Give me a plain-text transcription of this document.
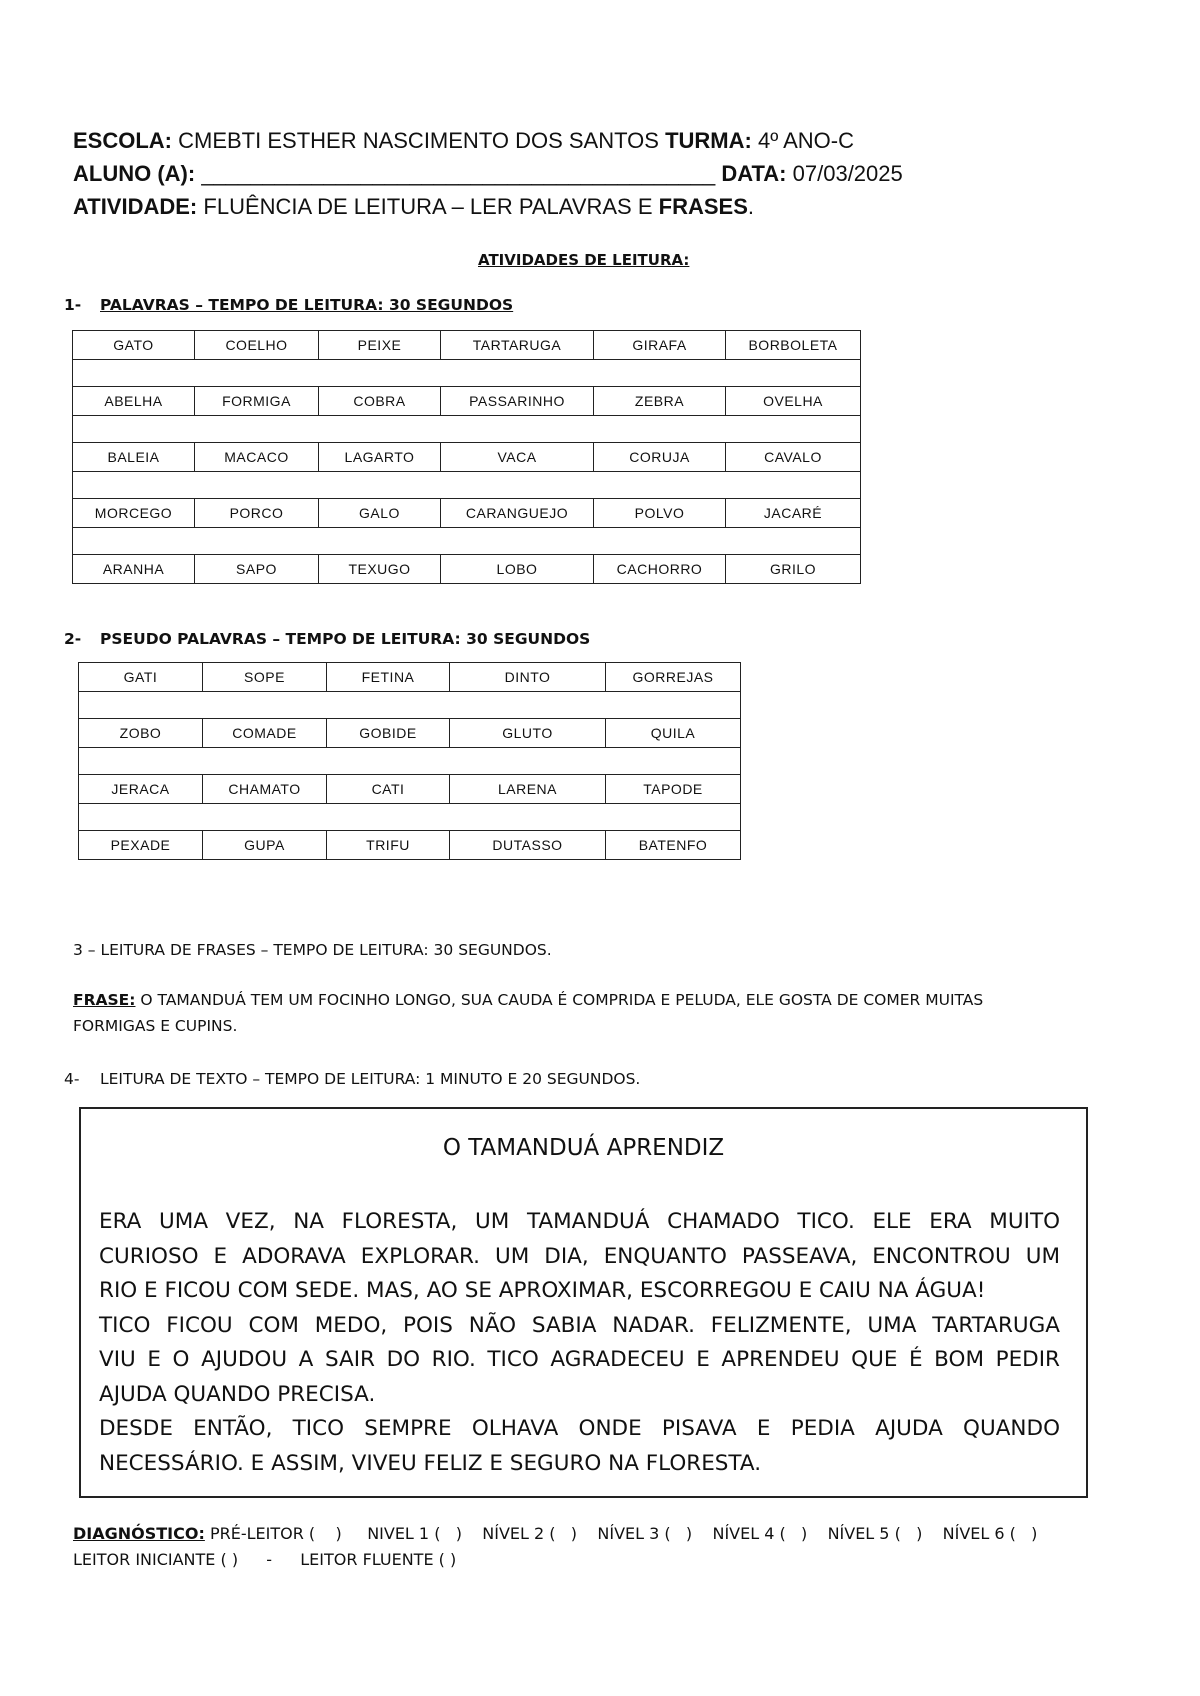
ESCOLA: CMEBTI ESTHER NASCIMENTO DOS SANTOS TURMA: 4º ANO-C
ALUNO (A): __________________________________________ DATA: 07/03/2025
ATIVIDADE: FLUÊNCIA DE LEITURA – LER PALAVRAS E FRASES.
ATIVIDADES DE LEITURA:
1- PALAVRAS – TEMPO DE LEITURA: 30 SEGUNDOS
GATO	COELHO	PEIXE	TARTARUGA	GIRAFA	BORBOLETA

ABELHA	FORMIGA	COBRA	PASSARINHO	ZEBRA	OVELHA

BALEIA	MACACO	LAGARTO	VACA	CORUJA	CAVALO

MORCEGO	PORCO	GALO	CARANGUEJO	POLVO	JACARÉ

ARANHA	SAPO	TEXUGO	LOBO	CACHORRO	GRILO
2- PSEUDO PALAVRAS – TEMPO DE LEITURA: 30 SEGUNDOS
GATI	SOPE	FETINA	DINTO	GORREJAS

ZOBO	COMADE	GOBIDE	GLUTO	QUILA

JERACA	CHAMATO	CATI	LARENA	TAPODE

PEXADE	GUPA	TRIFU	DUTASSO	BATENFO
3 – LEITURA DE FRASES – TEMPO DE LEITURA: 30 SEGUNDOS.
FRASE: O TAMANDUÁ TEM UM FOCINHO LONGO, SUA CAUDA É COMPRIDA E PELUDA, ELE GOSTA DE COMER MUITAS
FORMIGAS E CUPINS.
4- LEITURA DE TEXTO – TEMPO DE LEITURA: 1 MINUTO E 20 SEGUNDOS.
O TAMANDUÁ APRENDIZ
ERA UMA VEZ, NA FLORESTA, UM TAMANDUÁ CHAMADO TICO. ELE ERA MUITO
CURIOSO E ADORAVA EXPLORAR. UM DIA, ENQUANTO PASSEAVA, ENCONTROU UM
RIO E FICOU COM SEDE. MAS, AO SE APROXIMAR, ESCORREGOU E CAIU NA ÁGUA!
TICO FICOU COM MEDO, POIS NÃO SABIA NADAR. FELIZMENTE, UMA TARTARUGA
VIU E O AJUDOU A SAIR DO RIO. TICO AGRADECEU E APRENDEU QUE É BOM PEDIR
AJUDA QUANDO PRECISA.
DESDE ENTÃO, TICO SEMPRE OLHAVA ONDE PISAVA E PEDIA AJUDA QUANDO
NECESSÁRIO. E ASSIM, VIVEU FELIZ E SEGURO NA FLORESTA.
DIAGNÓSTICO: PRÉ-LEITOR (    )     NIVEL 1 (   )    NÍVEL 2 (   )    NÍVEL 3 (   )    NÍVEL 4 (   )    NÍVEL 5 (   )    NÍVEL 6 (   )
LEITOR INICIANTE ( ) - LEITOR FLUENTE ( )
